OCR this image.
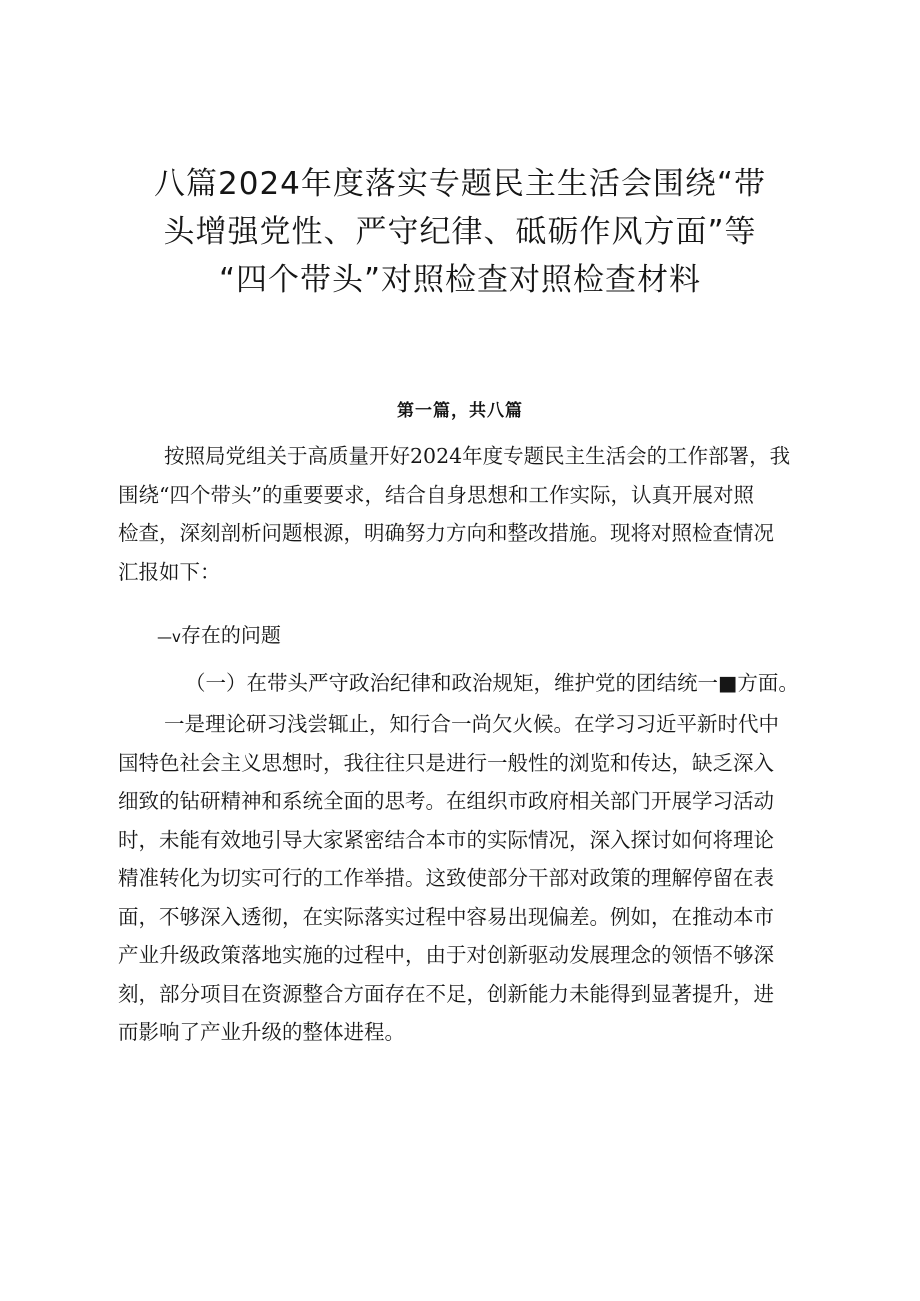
八篇2024年度落实专题民主生活会围绕“带
头增强党性、严守纪律、砥砺作风方面”等
“四个带头”对照检查对照检查材料
第一篇，共八篇
按照局党组关于高质量开好2024年度专题民主生活会的工作部署，我
围绕“四个带头”的重要要求，结合自身思想和工作实际，认真开展对照
检查，深刻剖析问题根源，明确努力方向和整改措施。现将对照检查情况
汇报如下：
—v存在的问题
（一）在带头严守政治纪律和政治规矩，维护党的团结统一■方面。
一是理论研习浅尝辄止，知行合一尚欠火候。在学习习近平新时代中
国特色社会主义思想时，我往往只是进行一般性的浏览和传达，缺乏深入
细致的钻研精神和系统全面的思考。在组织市政府相关部门开展学习活动
时，未能有效地引导大家紧密结合本市的实际情况，深入探讨如何将理论
精准转化为切实可行的工作举措。这致使部分干部对政策的理解停留在表
面，不够深入透彻，在实际落实过程中容易出现偏差。例如，在推动本市
产业升级政策落地实施的过程中，由于对创新驱动发展理念的领悟不够深
刻，部分项目在资源整合方面存在不足，创新能力未能得到显著提升，进
而影响了产业升级的整体进程。
